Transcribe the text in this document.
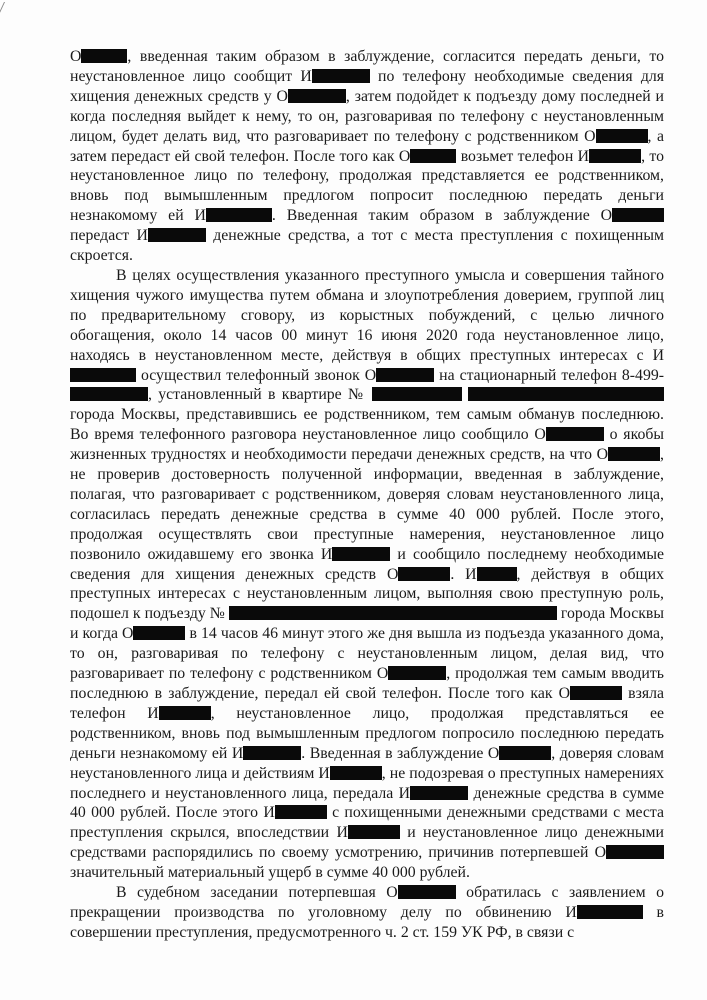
О	, введенная таким образом в заблуждение, согласится передать деньги, то неустановленное лицо сообщит И	по телефону необходимые сведения для хищения денежных средств у О	, затем подойдет к подъезду дому последней и когда последняя выйдет к нему, то он, разговаривая по телефону с неустановленным лицом, будет делать вид, что разговаривает по телефону с родственником О	, а затем передаст ей свой телефон. После того как О	возьмет телефон И	, то неустановленное лицо по телефону, продолжая представляется ее родственником, вновь под вымышленным предлогом попросит последнюю передать деньги незнакомому ей И	. Введенная таким образом в заблуждение О передаст И	денежные средства, а тот с места преступления с похищенным скроется.

В целях осуществления указанного преступного умысла и совершения тайного хищения чужого имущества путем обмана и злоупотребления доверием, группой лиц по предварительному сговору, из корыстных побуждений, с целью личного обогащения, около 14 часов 00 минут 16 июня 2020 года неустановленное лицо, находясь в неустановленном месте, действуя в общих преступных интересах с И осуществил телефонный звонок О	на стационарный телефон 8-499-, установленный в квартире №   города Москвы, представившись ее родственником, тем самым обманув последнюю. Во время телефонного разговора неустановленное лицо сообщило О	о якобы жизненных трудностях и необходимости передачи денежных средств, на что О	, не проверив достоверность полученной информации, введенная в заблуждение, полагая, что разговаривает с родственником, доверяя словам неустановленного лица, согласилась передать денежные средства в сумме 40 000 рублей. После этого, продолжая осуществлять свои преступные намерения, неустановленное лицо позвонило ожидавшему его звонка И	и сообщило последнему необходимые сведения для хищения денежных средств О	. И	, действуя в общих преступных интересах с неустановленным лицом, выполняя свою преступную роль, подошел к подъезду №	города Москвы и когда О	в 14 часов 46 минут этого же дня вышла из подъезда указанного дома, то он, разговаривая по телефону с неустановленным лицом, делая вид, что разговаривает по телефону с родственником О	, продолжая тем самым вводить последнюю в заблуждение, передал ей свой телефон. После того как О	взяла телефон И	, неустановленное лицо, продолжая представляться ее родственником, вновь под вымышленным предлогом попросило последнюю передать деньги незнакомому ей И	. Введенная в заблуждение О	, доверяя словам неустановленного лица и действиям И	, не подозревая о преступных намерениях последнего и неустановленного лица, передала И	денежные средства в сумме 40 000 рублей. После этого И	с похищенными денежными средствами с места преступления скрылся, впоследствии И	и неустановленное лицо денежными средствами распорядились по своему усмотрению, причинив потерпевшей О значительный материальный ущерб в сумме 40 000 рублей.

В судебном заседании потерпевшая О	обратилась с заявлением о прекращении производства по уголовному делу по обвинению И	в совершении преступления, предусмотренного ч. 2 ст. 159 УК РФ, в связи с
